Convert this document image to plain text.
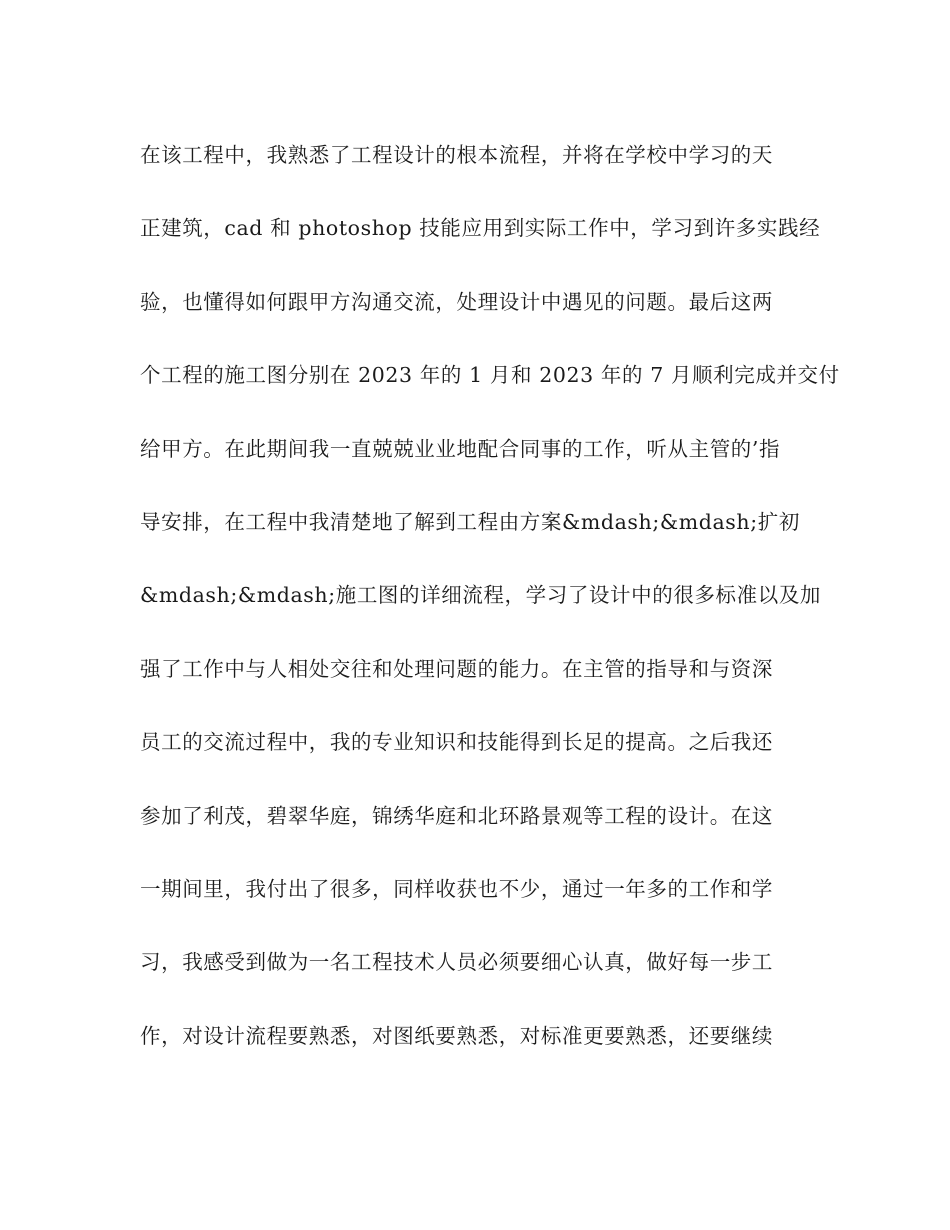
在该工程中，我熟悉了工程设计的根本流程，并将在学校中学习的天
正建筑，cad 和 photoshop 技能应用到实际工作中，学习到许多实践经
验，也懂得如何跟甲方沟通交流，处理设计中遇见的问题。最后这两
个工程的施工图分别在 2023 年的 1 月和 2023 年的 7 月顺利完成并交付
给甲方。在此期间我一直兢兢业业地配合同事的工作，听从主管的’指
导安排，在工程中我清楚地了解到工程由方案&mdash;&mdash;扩初
&mdash;&mdash;施工图的详细流程，学习了设计中的很多标准以及加
强了工作中与人相处交往和处理问题的能力。在主管的指导和与资深
员工的交流过程中，我的专业知识和技能得到长足的提高。之后我还
参加了利茂，碧翠华庭，锦绣华庭和北环路景观等工程的设计。在这
一期间里，我付出了很多，同样收获也不少，通过一年多的工作和学
习，我感受到做为一名工程技术人员必须要细心认真，做好每一步工
作，对设计流程要熟悉，对图纸要熟悉，对标准更要熟悉，还要继续
